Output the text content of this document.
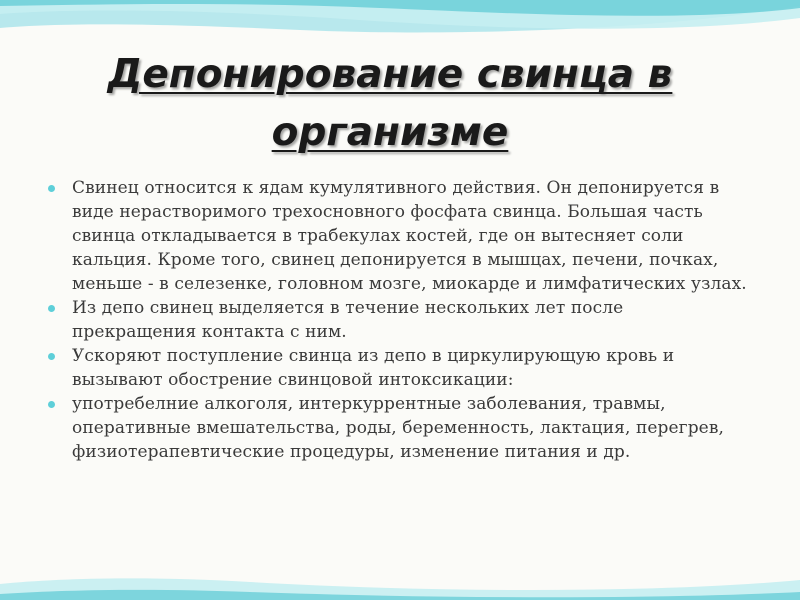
Депонирование свинца в
организме
Свинец относится к ядам кумулятивного действия. Он депонируется в виде нерастворимого трехосновного фосфата свинца. Большая часть свинца откладывается в трабекулах костей, где он вытесняет соли кальция. Кроме того, свинец депонируется в мышцах, печени, почках, меньше - в селезенке, головном мозге, миокарде и лимфатических узлах.
Из депо свинец выделяется в течение нескольких лет после прекращения контакта с ним.
Ускоряют поступление свинца из депо в циркулирующую кровь и вызывают обострение свинцовой интоксикации:
употребелние алкоголя, интеркуррентные заболевания, травмы, оперативные вмешательства, роды, беременность, лактация, перегрев, физиотерапевтические процедуры, изменение питания и др.
